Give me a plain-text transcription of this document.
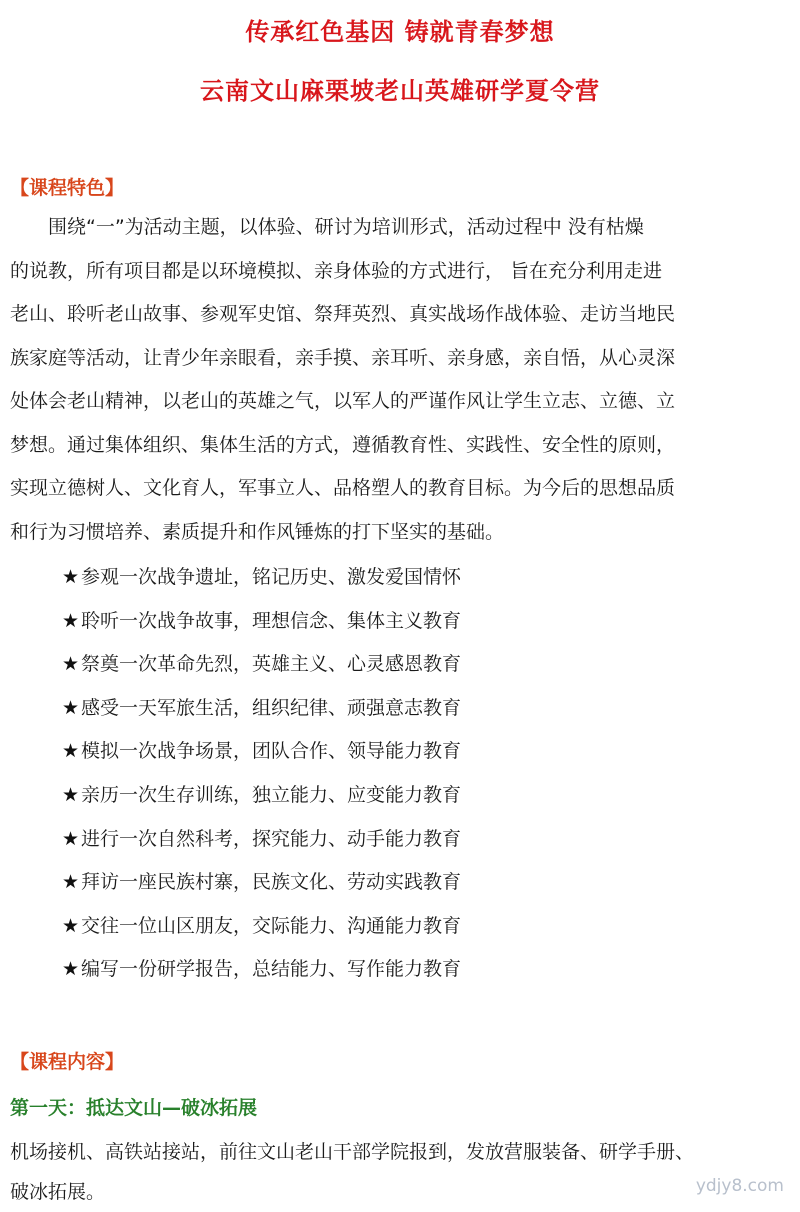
传承红色基因 铸就青春梦想
云南文山麻栗坡老山英雄研学夏令营
【课程特色】
　　围绕“一”为活动主题，以体验、研讨为培训形式，活动过程中 没有枯燥
的说教，所有项目都是以环境模拟、亲身体验的方式进行， 旨在充分利用走进
老山、聆听老山故事、参观军史馆、祭拜英烈、真实战场作战体验、走访当地民
族家庭等活动，让青少年亲眼看，亲手摸、亲耳听、亲身感，亲自悟，从心灵深
处体会老山精神，以老山的英雄之气，以军人的严谨作风让学生立志、立德、立
梦想。通过集体组织、集体生活的方式，遵循教育性、实践性、安全性的原则，
实现立德树人、文化育人，军事立人、品格塑人的教育目标。为今后的思想品质
和行为习惯培养、素质提升和作风锤炼的打下坚实的基础。
★ 参观一次战争遗址，铭记历史、激发爱国情怀
★ 聆听一次战争故事，理想信念、集体主义教育
★ 祭奠一次革命先烈，英雄主义、心灵感恩教育
★ 感受一天军旅生活，组织纪律、顽强意志教育
★ 模拟一次战争场景，团队合作、领导能力教育
★ 亲历一次生存训练，独立能力、应变能力教育
★ 进行一次自然科考，探究能力、动手能力教育
★ 拜访一座民族村寨，民族文化、劳动实践教育
★ 交往一位山区朋友，交际能力、沟通能力教育
★ 编写一份研学报告，总结能力、写作能力教育
【课程内容】
第一天：抵达文山—破冰拓展
机场接机、高铁站接站，前往文山老山干部学院报到，发放营服装备、研学手册、
破冰拓展。	ydjy8.com
